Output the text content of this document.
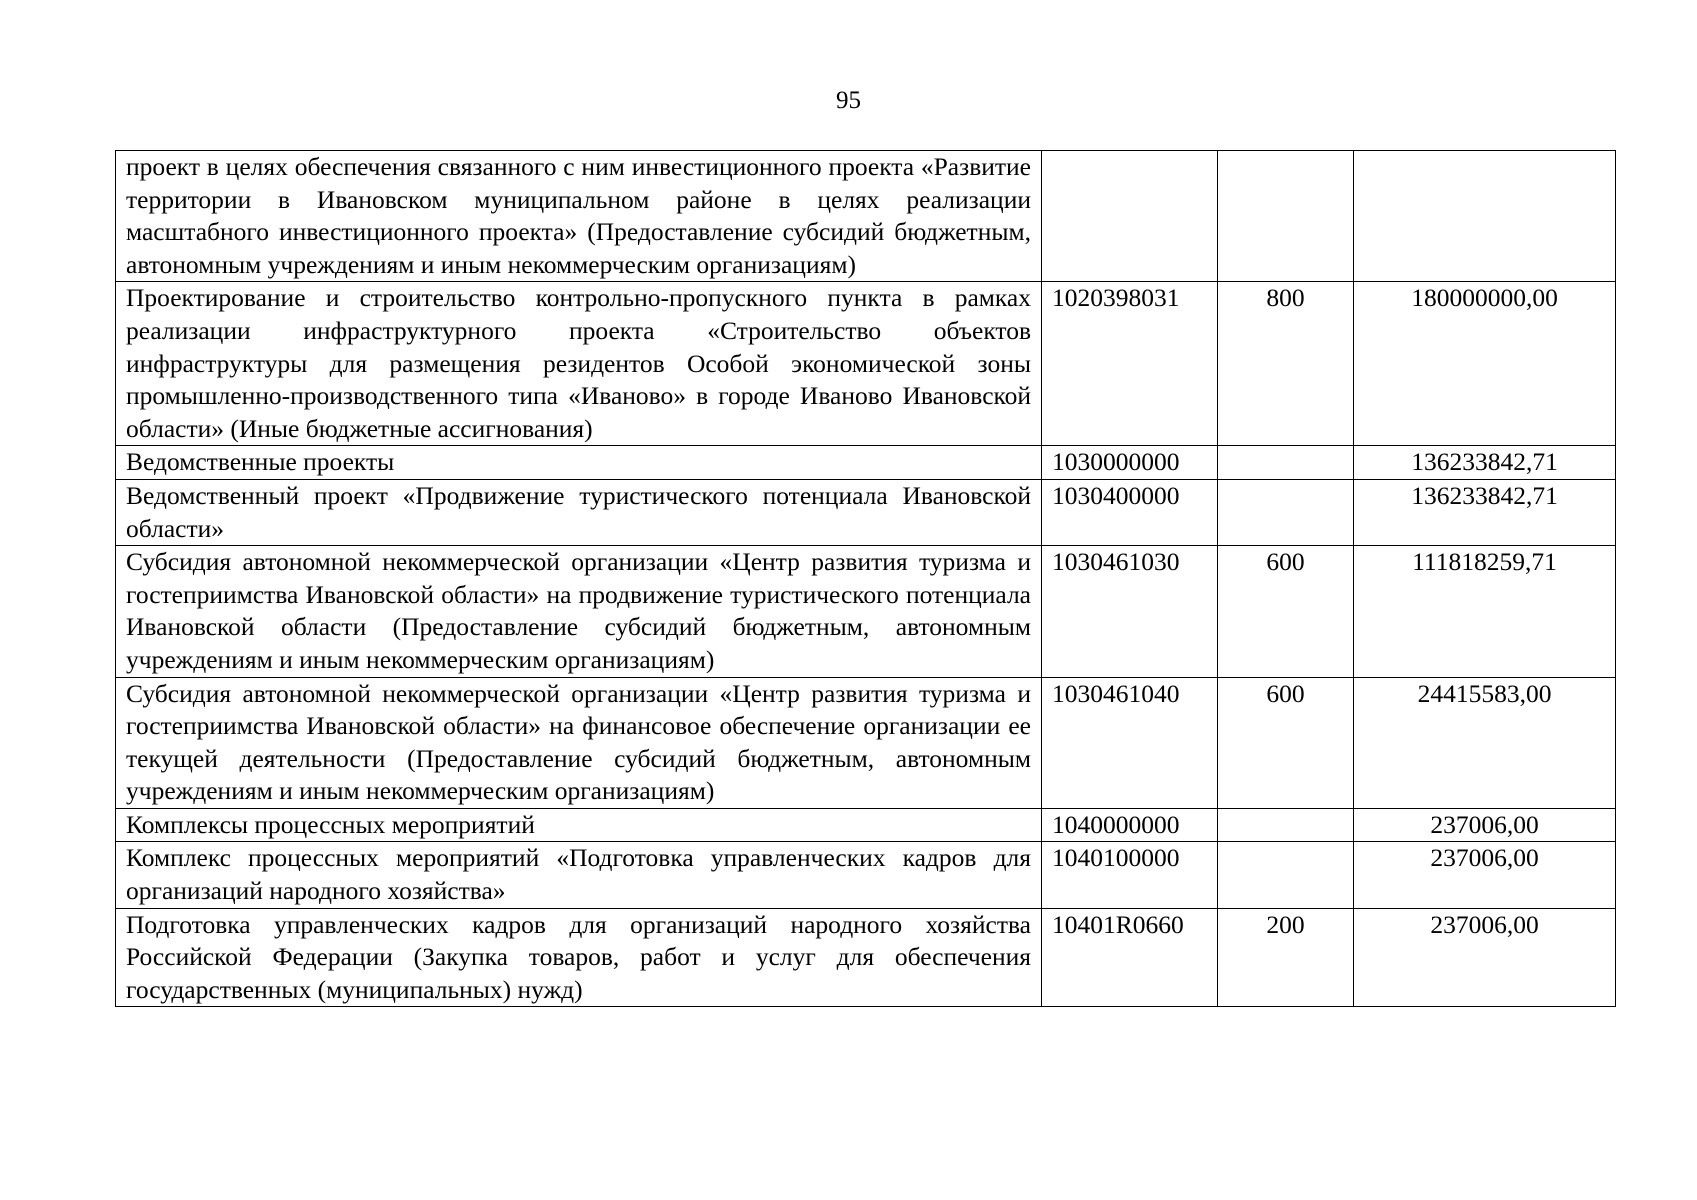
95
проект в целях обеспечения связанного с ним инвестиционного проекта «Развитие территории в Ивановском муниципальном районе в целях реализации масштабного инвестиционного проекта» (Предоставление субсидий бюджетным, автономным учреждениям и иным некоммерческим организациям)			
Проектирование и строительство контрольно-пропускного пункта в рамках реализации инфраструктурного проекта «Строительство объектов инфраструктуры для размещения резидентов Особой экономической зоны промышленно-производственного типа «Иваново» в городе Иваново Ивановской области» (Иные бюджетные ассигнования)	1020398031	800	180000000,00
Ведомственные проекты	1030000000		136233842,71
Ведомственный проект «Продвижение туристического потенциала Ивановской области»	1030400000		136233842,71
Субсидия автономной некоммерческой организации «Центр развития туризма и гостеприимства Ивановской области» на продвижение туристического потенциала Ивановской области (Предоставление субсидий бюджетным, автономным учреждениям и иным некоммерческим организациям)	1030461030	600	111818259,71
Субсидия автономной некоммерческой организации «Центр развития туризма и гостеприимства Ивановской области» на финансовое обеспечение организации ее текущей деятельности (Предоставление субсидий бюджетным, автономным учреждениям и иным некоммерческим организациям)	1030461040	600	24415583,00
Комплексы процессных мероприятий	1040000000		237006,00
Комплекс процессных мероприятий «Подготовка управленческих кадров для организаций народного хозяйства»	1040100000		237006,00
Подготовка управленческих кадров для организаций народного хозяйства Российской Федерации (Закупка товаров, работ и услуг для обеспечения государственных (муниципальных) нужд)	10401R0660	200	237006,00
